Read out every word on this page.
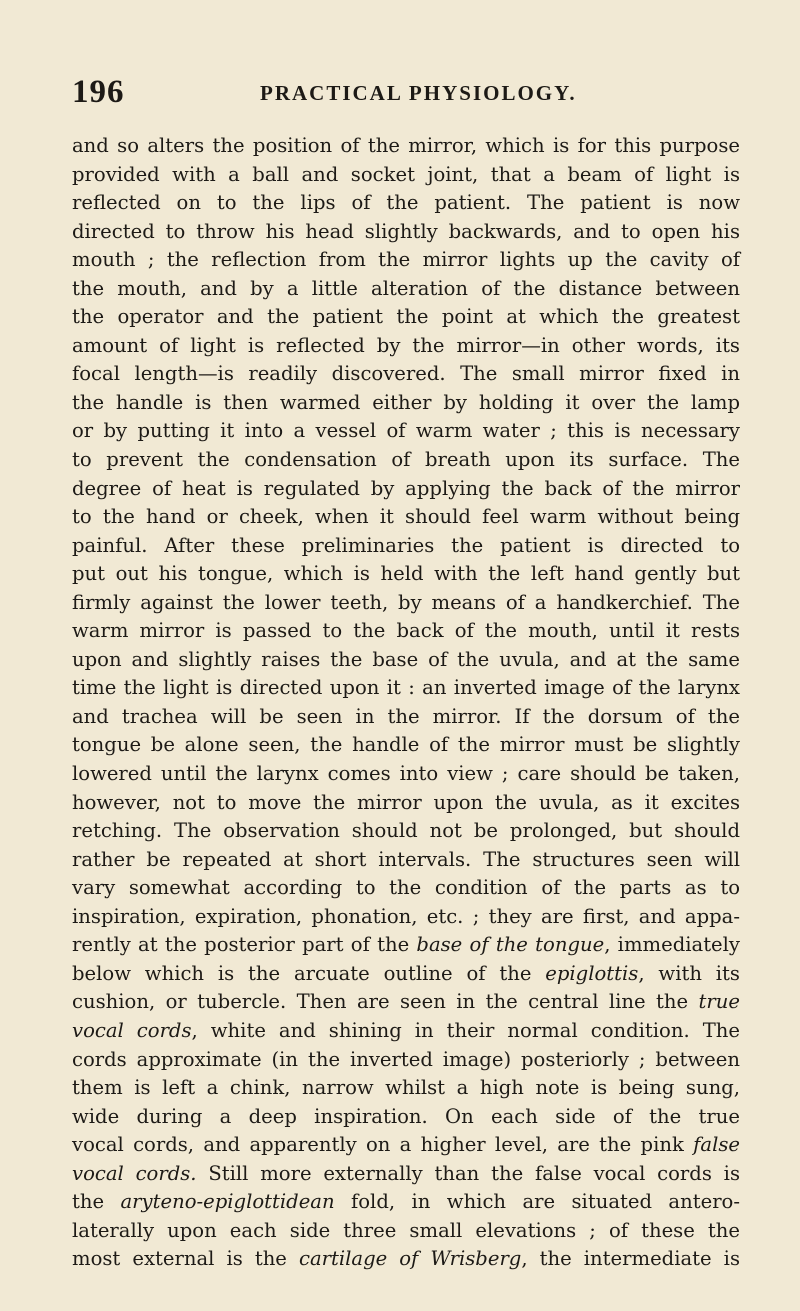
196	PRACTICAL PHYSIOLOGY.
and so alters the position of the mirror, which is for this purpose
provided with a ball and socket joint, that a beam of light is
reflected on to the lips of the patient. The patient is now
directed to throw his head slightly backwards, and to open his
mouth ; the reflection from the mirror lights up the cavity of
the mouth, and by a little alteration of the distance between
the operator and the patient the point at which the greatest
amount of light is reflected by the mirror—in other words, its
focal length—is readily discovered. The small mirror fixed in
the handle is then warmed either by holding it over the lamp
or by putting it into a vessel of warm water ; this is necessary
to prevent the condensation of breath upon its surface. The
degree of heat is regulated by applying the back of the mirror
to the hand or cheek, when it should feel warm without being
painful. After these preliminaries the patient is directed to
put out his tongue, which is held with the left hand gently but
firmly against the lower teeth, by means of a handkerchief. The
warm mirror is passed to the back of the mouth, until it rests
upon and slightly raises the base of the uvula, and at the same
time the light is directed upon it : an inverted image of the larynx
and trachea will be seen in the mirror. If the dorsum of the
tongue be alone seen, the handle of the mirror must be slightly
lowered until the larynx comes into view ; care should be taken,
however, not to move the mirror upon the uvula, as it excites
retching. The observation should not be prolonged, but should
rather be repeated at short intervals. The structures seen will
vary somewhat according to the condition of the parts as to
inspiration, expiration, phonation, etc. ; they are first, and appa-
rently at the posterior part of the base of the tongue, immediately
below which is the arcuate outline of the epiglottis, with its
cushion, or tubercle. Then are seen in the central line the true
vocal cords, white and shining in their normal condition. The
cords approximate (in the inverted image) posteriorly ; between
them is left a chink, narrow whilst a high note is being sung,
wide during a deep inspiration. On each side of the true
vocal cords, and apparently on a higher level, are the pink false
vocal cords. Still more externally than the false vocal cords is
the aryteno-epiglottidean fold, in which are situated antero-
laterally upon each side three small elevations ; of these the
most external is the cartilage of Wrisberg, the intermediate is
